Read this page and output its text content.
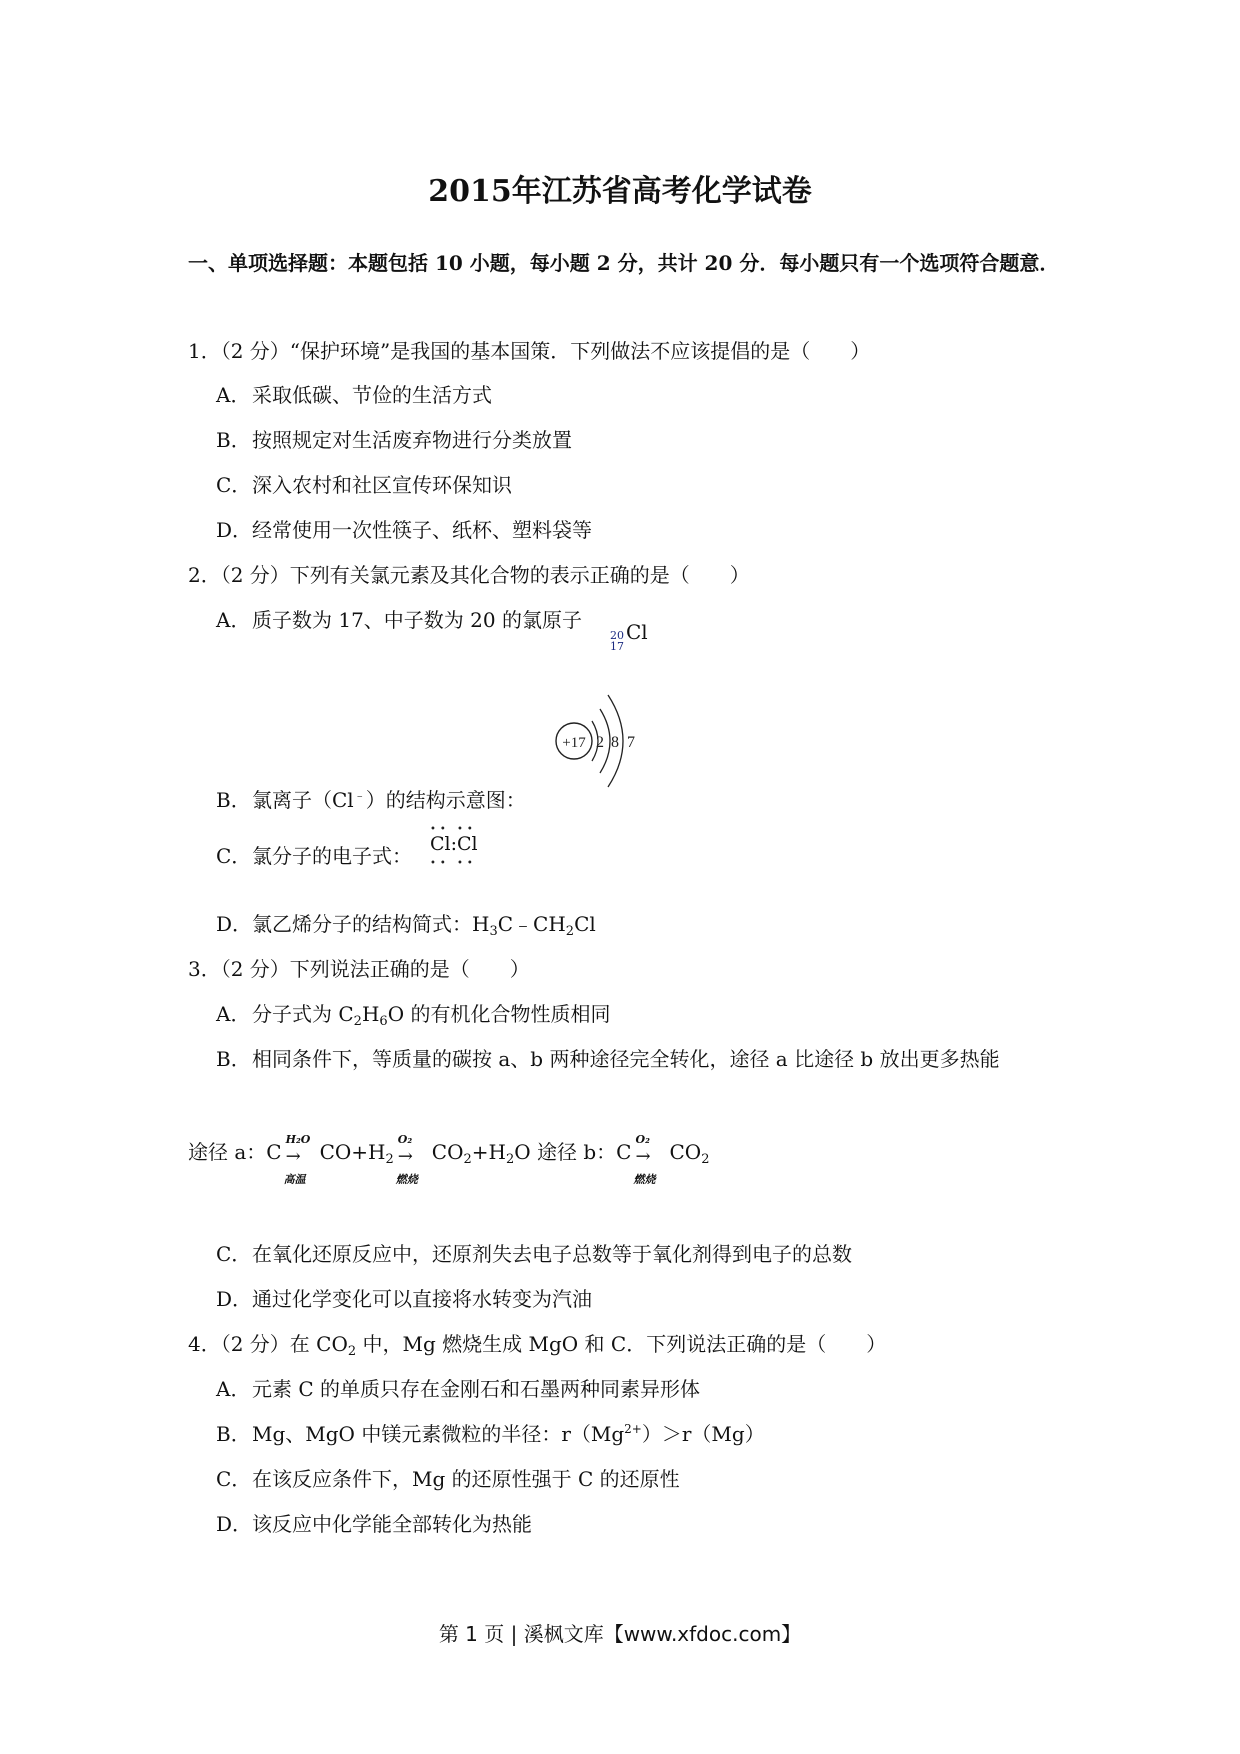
2015年江苏省高考化学试卷

一、单项选择题：本题包括 10 小题，每小题 2 分，共计 20 分．每小题只有一个选项符合题意．

1．（2 分）“保护环境”是我国的基本国策．下列做法不应该提倡的是（　　）
A．采取低碳、节俭的生活方式
B．按照规定对生活废弃物进行分类放置
C．深入农村和社区宣传环保知识
D．经常使用一次性筷子、纸杯、塑料袋等
2．（2 分）下列有关氯元素及其化合物的表示正确的是（　　）
A．质子数为 17、中子数为 20 的氯原子
20
17
Cl
+17 2 8 7
B．氯离子（Cl﹣）的结构示意图：
C．氯分子的电子式：
•• ••
Cl:Cl
•• ••
D．氯乙烯分子的结构简式：$H_3C﹣CH_2Cl$
3．（2 分）下列说法正确的是（　　）
A．分子式为 $C_2H_6O$ 的有机化合物性质相同
B．相同条件下，等质量的碳按 a、b 两种途径完全转化，途径 a 比途径 b 放出更多热能
途径 a：C
H₂O
→
高温
$CO+H_2$
O₂
→
燃烧
$CO_2+H_2O$ 途径 b：C
O₂
→
燃烧
$CO_2$
C．在氧化还原反应中，还原剂失去电子总数等于氧化剂得到电子的总数
D．通过化学变化可以直接将水转变为汽油
4．（2 分）在 $CO_2$ 中，Mg 燃烧生成 MgO 和 C．下列说法正确的是（　　）
A．元素 C 的单质只存在金刚石和石墨两种同素异形体
B．Mg、MgO 中镁元素微粒的半径：$r(Mg^{2+})>r(Mg)$
C．在该反应条件下，Mg 的还原性强于 C 的还原性
D．该反应中化学能全部转化为热能
第 1 页 | 溪枫文库【www.xfdoc.com】
